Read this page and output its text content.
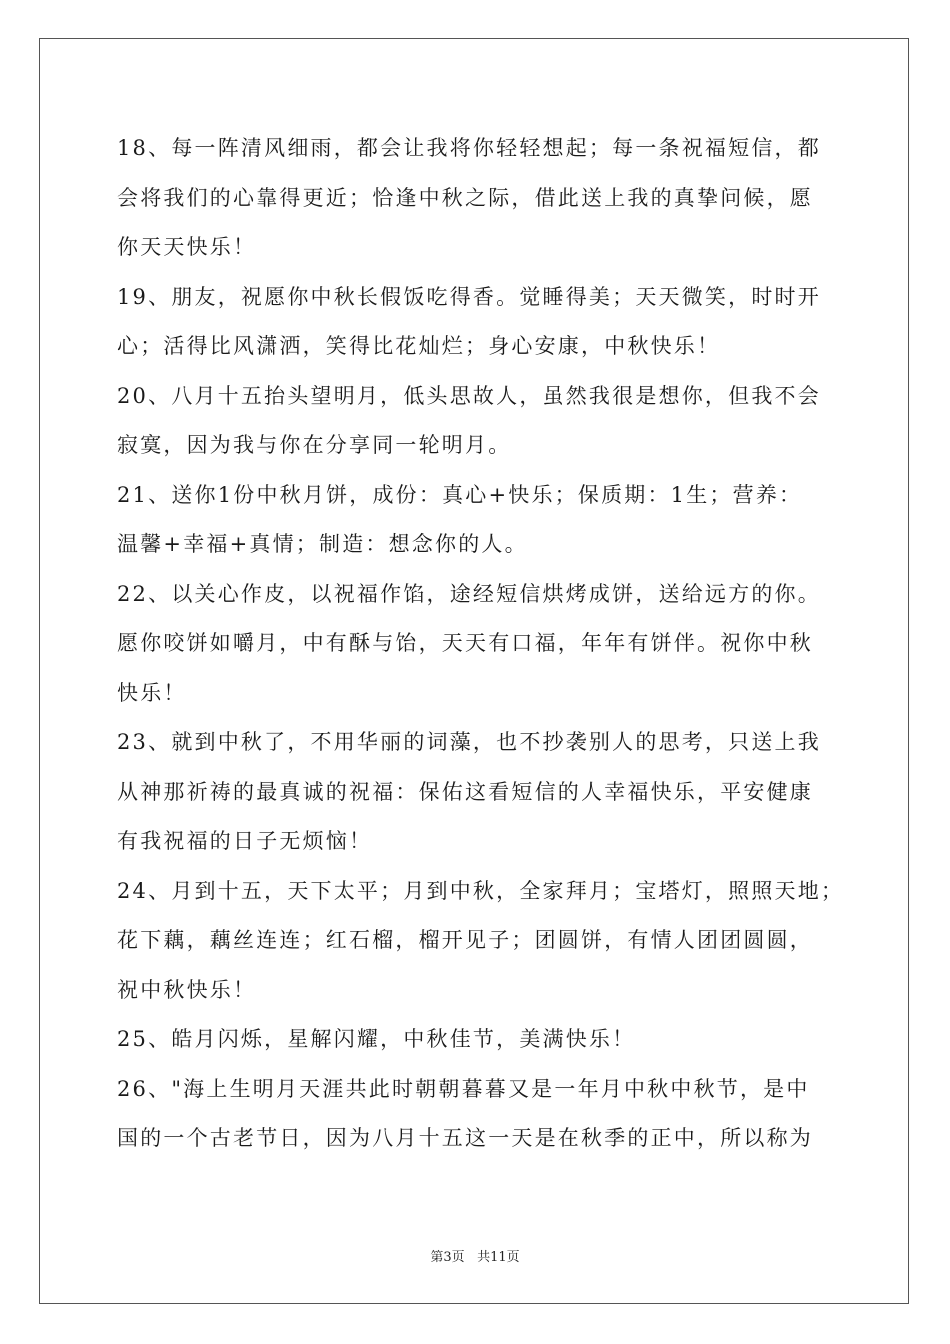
18、每一阵清风细雨，都会让我将你轻轻想起；每一条祝福短信，都
会将我们的心靠得更近；恰逢中秋之际，借此送上我的真挚问候，愿
你天天快乐！
19、朋友，祝愿你中秋长假饭吃得香。觉睡得美；天天微笑，时时开
心；活得比风潇洒，笑得比花灿烂；身心安康，中秋快乐！
20、八月十五抬头望明月，低头思故人，虽然我很是想你，但我不会
寂寞，因为我与你在分享同一轮明月。
21、送你1份中秋月饼，成份：真心+快乐；保质期：1生；营养：
温馨+幸福+真情；制造：想念你的人。
22、以关心作皮，以祝福作馅，途经短信烘烤成饼，送给远方的你。
愿你咬饼如嚼月，中有酥与饴，天天有口福，年年有饼伴。祝你中秋
快乐！
23、就到中秋了，不用华丽的词藻，也不抄袭别人的思考，只送上我
从神那祈祷的最真诚的祝福：保佑这看短信的人幸福快乐，平安健康
有我祝福的日子无烦恼！
24、月到十五，天下太平；月到中秋，全家拜月；宝塔灯，照照天地；
花下藕，藕丝连连；红石榴，榴开见子；团圆饼，有情人团团圆圆，
祝中秋快乐！
25、皓月闪烁，星解闪耀，中秋佳节，美满快乐！
26、"海上生明月天涯共此时朝朝暮暮又是一年月中秋中秋节，是中
国的一个古老节日，因为八月十五这一天是在秋季的正中，所以称为
第3页 共11页
